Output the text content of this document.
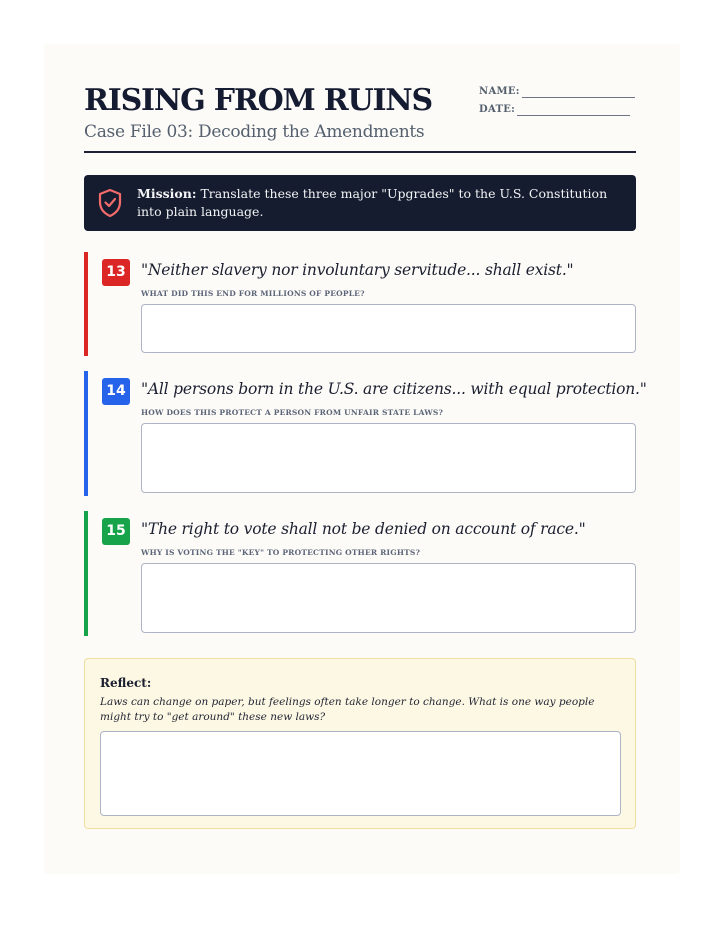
RISING FROM RUINS
Case File 03: Decoding the Amendments
NAME:
DATE:
Mission: Translate these three major "Upgrades" to the U.S. Constitution into plain language.
13 "Neither slavery nor involuntary servitude... shall exist."
WHAT DID THIS END FOR MILLIONS OF PEOPLE?
14 "All persons born in the U.S. are citizens... with equal protection."
HOW DOES THIS PROTECT A PERSON FROM UNFAIR STATE LAWS?
15 "The right to vote shall not be denied on account of race."
WHY IS VOTING THE "KEY" TO PROTECTING OTHER RIGHTS?
Reflect:
Laws can change on paper, but feelings often take longer to change. What is one way people might try to "get around" these new laws?
